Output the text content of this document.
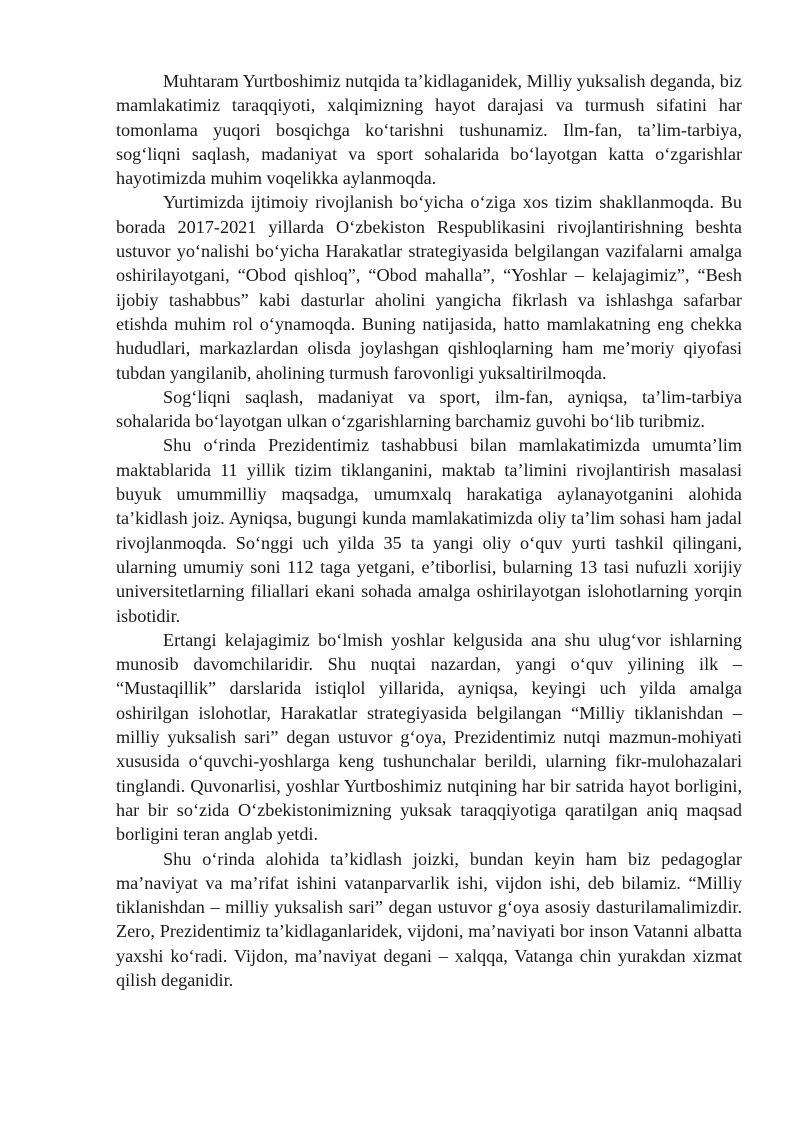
Muhtaram Yurtboshimiz nutqida ta’kidlaganidek, Milliy yuksalish deganda, biz mamlakatimiz taraqqiyoti, xalqimizning hayot darajasi va turmush sifatini har tomonlama yuqori bosqichga ko‘tarishni tushunamiz. Ilm-fan, ta’lim-tarbiya, sog‘liqni saqlash, madaniyat va sport sohalarida bo‘layotgan katta o‘zgarishlar hayotimizda muhim voqelikka aylanmoqda.

Yurtimizda ijtimoiy rivojlanish bo‘yicha o‘ziga xos tizim shakllanmoqda. Bu borada 2017-2021 yillarda O‘zbekiston Respublikasini rivojlantirishning beshta ustuvor yo‘nalishi bo‘yicha Harakatlar strategiyasida belgilangan vazifalarni amalga oshirilayotgani, “Obod qishloq”, “Obod mahalla”, “Yoshlar – kelajagimiz”, “Besh ijobiy tashabbus” kabi dasturlar aholini yangicha fikrlash va ishlashga safarbar etishda muhim rol o‘ynamoqda. Buning natijasida, hatto mamlakatning eng chekka hududlari, markazlardan olisda joylashgan qishloqlarning ham me’moriy qiyofasi tubdan yangilanib, aholining turmush farovonligi yuksaltirilmoqda.

Sog‘liqni saqlash, madaniyat va sport, ilm-fan, ayniqsa, ta’lim-tarbiya sohalarida bo‘layotgan ulkan o‘zgarishlarning barchamiz guvohi bo‘lib turibmiz.

Shu o‘rinda Prezidentimiz tashabbusi bilan mamlakatimizda umumta’lim maktablarida 11 yillik tizim tiklanganini, maktab ta’limini rivojlantirish masalasi buyuk umummilliy maqsadga, umumxalq harakatiga aylanayotganini alohida ta’kidlash joiz. Ayniqsa, bugungi kunda mamlakatimizda oliy ta’lim sohasi ham jadal rivojlanmoqda. So‘nggi uch yilda 35 ta yangi oliy o‘quv yurti tashkil qilingani, ularning umumiy soni 112 taga yetgani, e’tiborlisi, bularning 13 tasi nufuzli xorijiy universitetlarning filiallari ekani sohada amalga oshirilayotgan islohotlarning yorqin isbotidir.

Ertangi kelajagimiz bo‘lmish yoshlar kelgusida ana shu ulug‘vor ishlarning munosib davomchilaridir. Shu nuqtai nazardan, yangi o‘quv yilining ilk – “Mustaqillik” darslarida istiqlol yillarida, ayniqsa, keyingi uch yilda amalga oshirilgan islohotlar, Harakatlar strategiyasida belgilangan “Milliy tiklanishdan – milliy yuksalish sari” degan ustuvor g‘oya, Prezidentimiz nutqi mazmun-mohiyati xususida o‘quvchi-yoshlarga keng tushunchalar berildi, ularning fikr-mulohazalari tinglandi. Quvonarlisi, yoshlar Yurtboshimiz nutqining har bir satrida hayot borligini, har bir so‘zida O‘zbekistonimizning yuksak taraqqiyotiga qaratilgan aniq maqsad borligini teran anglab yetdi.

Shu o‘rinda alohida ta’kidlash joizki, bundan keyin ham biz pedagoglar ma’naviyat va ma’rifat ishini vatanparvarlik ishi, vijdon ishi, deb bilamiz. “Milliy tiklanishdan – milliy yuksalish sari” degan ustuvor g‘oya asosiy dasturilamalimizdir. Zero, Prezidentimiz ta’kidlaganlaridek, vijdoni, ma’naviyati bor inson Vatanni albatta yaxshi ko‘radi. Vijdon, ma’naviyat degani – xalqqa, Vatanga chin yurakdan xizmat qilish deganidir.
